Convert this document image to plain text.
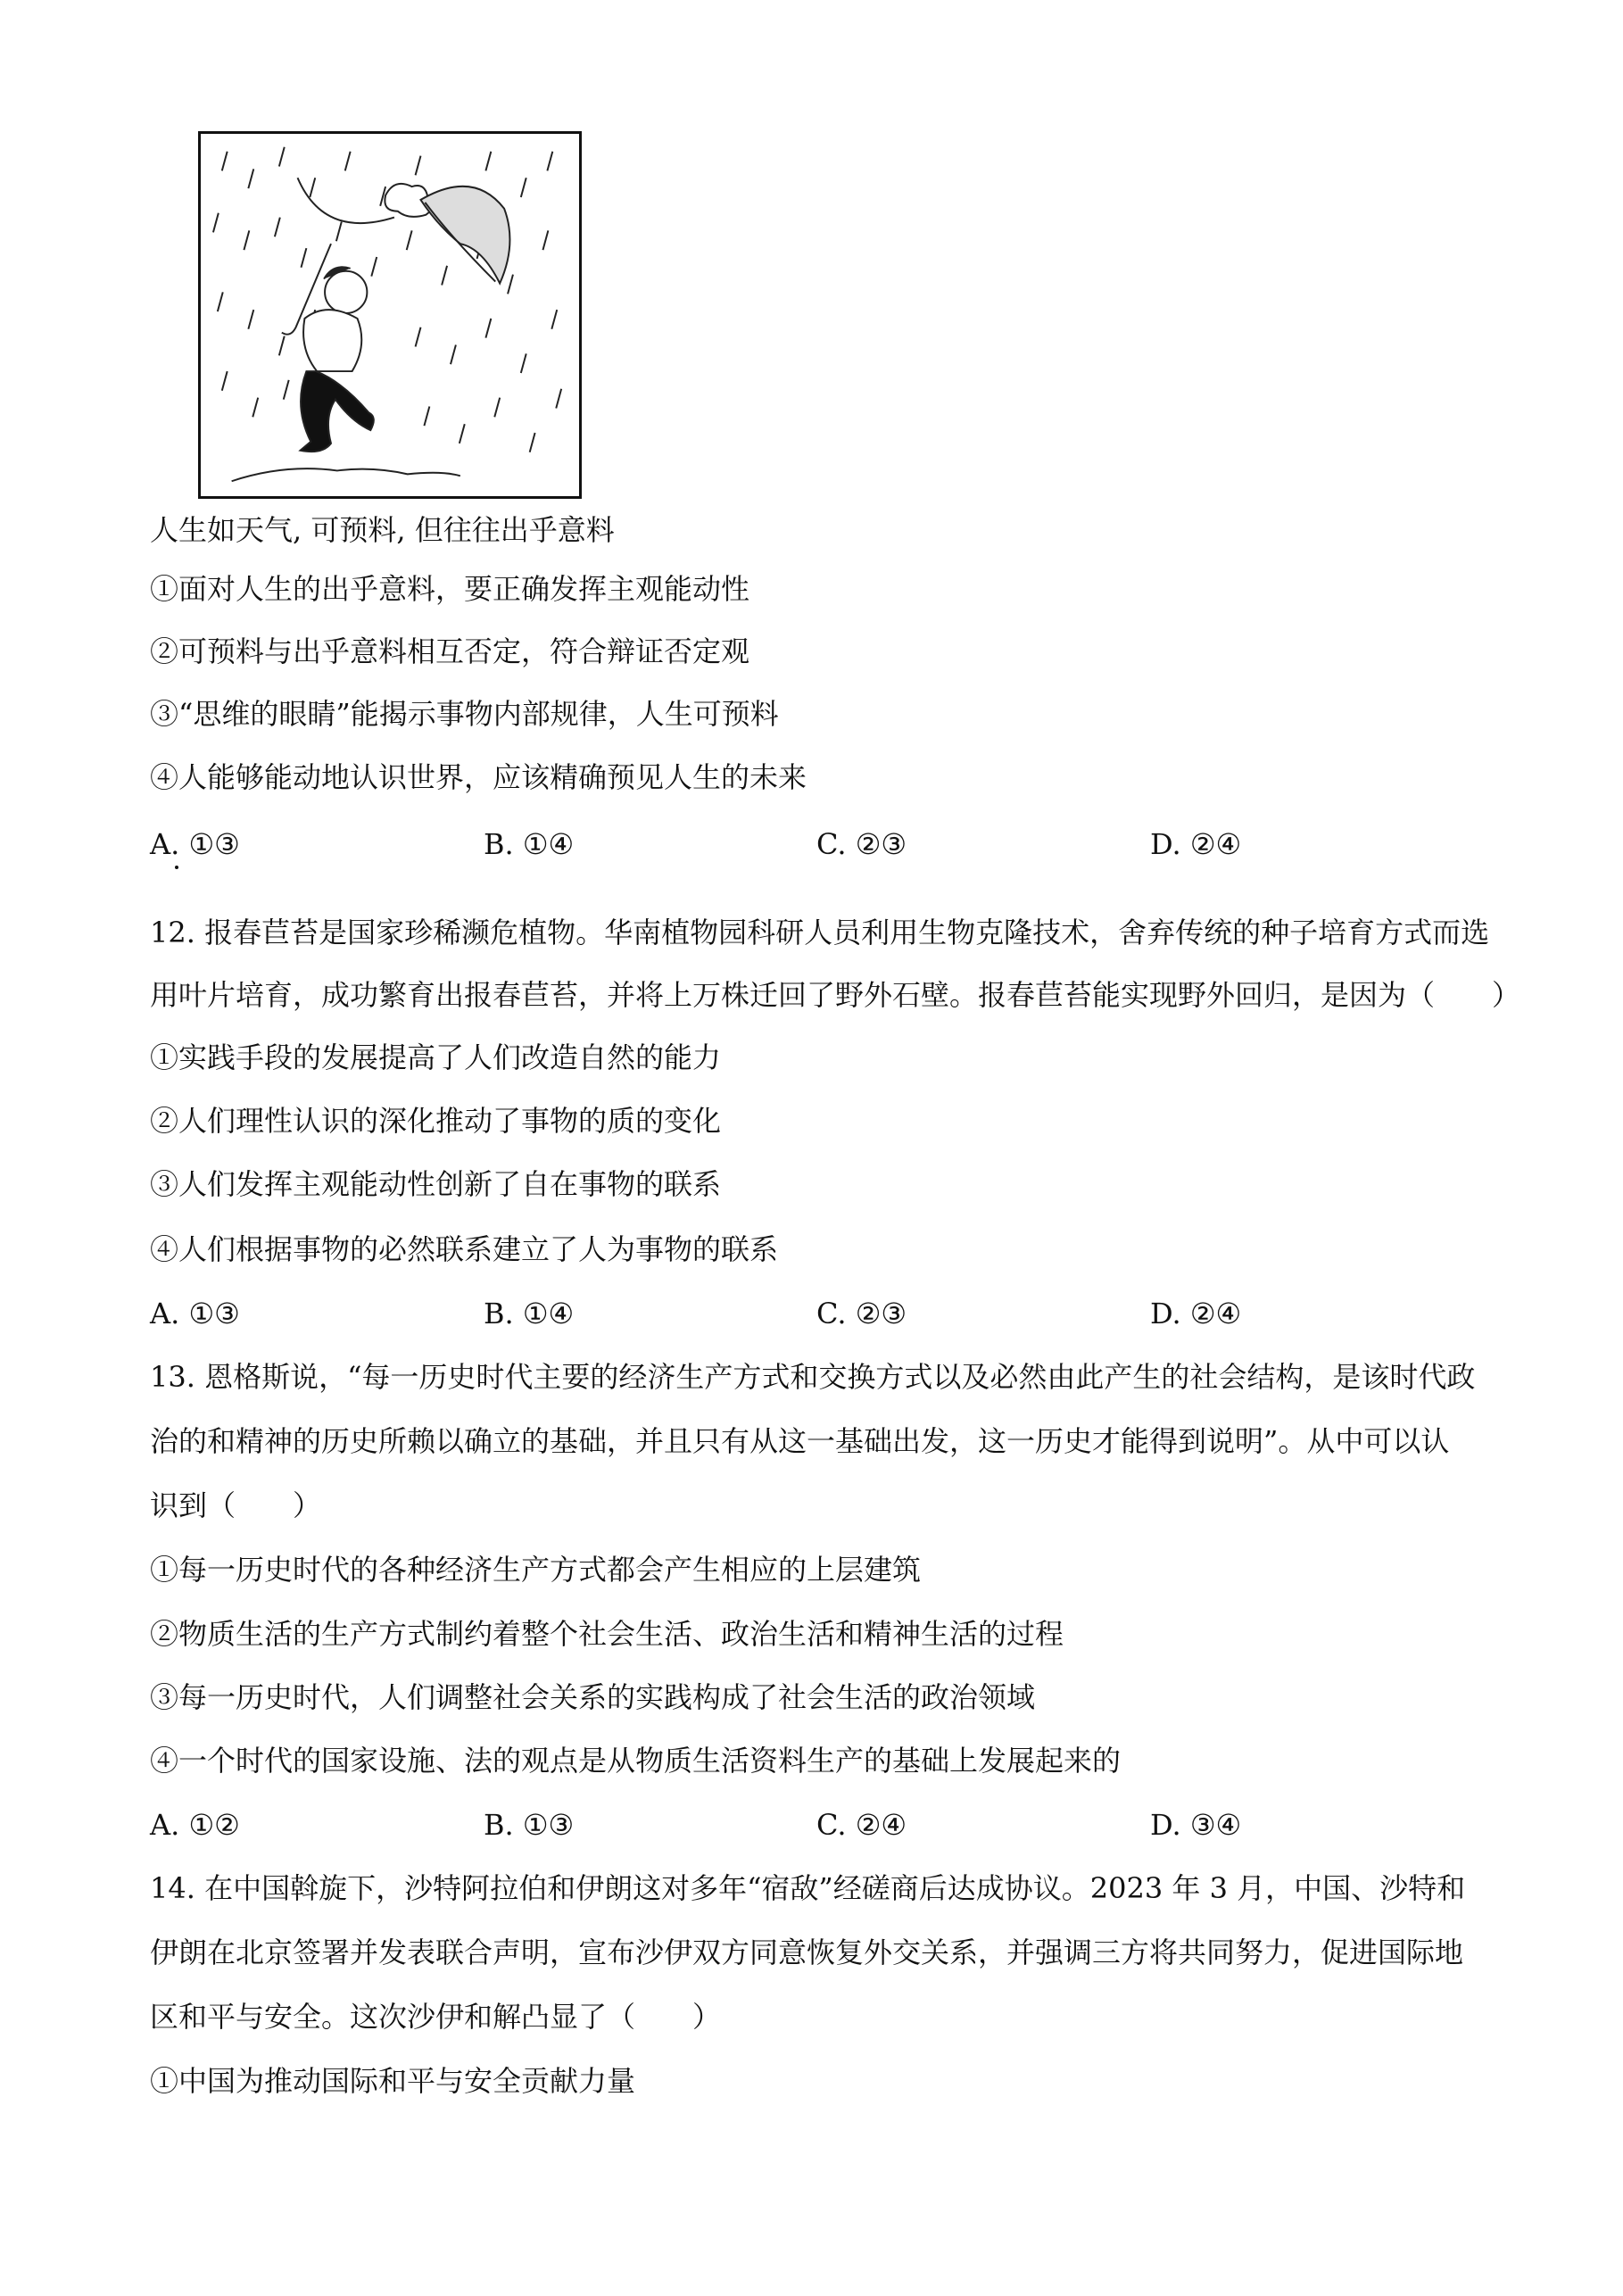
人生如天气, 可预料, 但往往出乎意料
①面对人生的出乎意料，要正确发挥主观能动性
②可预料与出乎意料相互否定，符合辩证否定观
③“思维的眼睛”能揭示事物内部规律，人生可预料
④人能够能动地认识世界，应该精确预见人生的未来
A. ①③	B. ①④	C. ②③	D. ②④
12. 报春苣苔是国家珍稀濒危植物。华南植物园科研人员利用生物克隆技术，舍弃传统的种子培育方式而选
用叶片培育，成功繁育出报春苣苔，并将上万株迁回了野外石壁。报春苣苔能实现野外回归，是因为（　　）
①实践手段的发展提高了人们改造自然的能力
②人们理性认识的深化推动了事物的质的变化
③人们发挥主观能动性创新了自在事物的联系
④人们根据事物的必然联系建立了人为事物的联系
A. ①③	B. ①④	C. ②③	D. ②④
13. 恩格斯说，“每一历史时代主要的经济生产方式和交换方式以及必然由此产生的社会结构，是该时代政
治的和精神的历史所赖以确立的基础，并且只有从这一基础出发，这一历史才能得到说明”。从中可以认
识到（　　）
①每一历史时代的各种经济生产方式都会产生相应的上层建筑
②物质生活的生产方式制约着整个社会生活、政治生活和精神生活的过程
③每一历史时代，人们调整社会关系的实践构成了社会生活的政治领域
④一个时代的国家设施、法的观点是从物质生活资料生产的基础上发展起来的
A. ①②	B. ①③	C. ②④	D. ③④
14. 在中国斡旋下，沙特阿拉伯和伊朗这对多年“宿敌”经磋商后达成协议。2023 年 3 月，中国、沙特和
伊朗在北京签署并发表联合声明，宣布沙伊双方同意恢复外交关系，并强调三方将共同努力，促进国际地
区和平与安全。这次沙伊和解凸显了（　　）
①中国为推动国际和平与安全贡献力量
